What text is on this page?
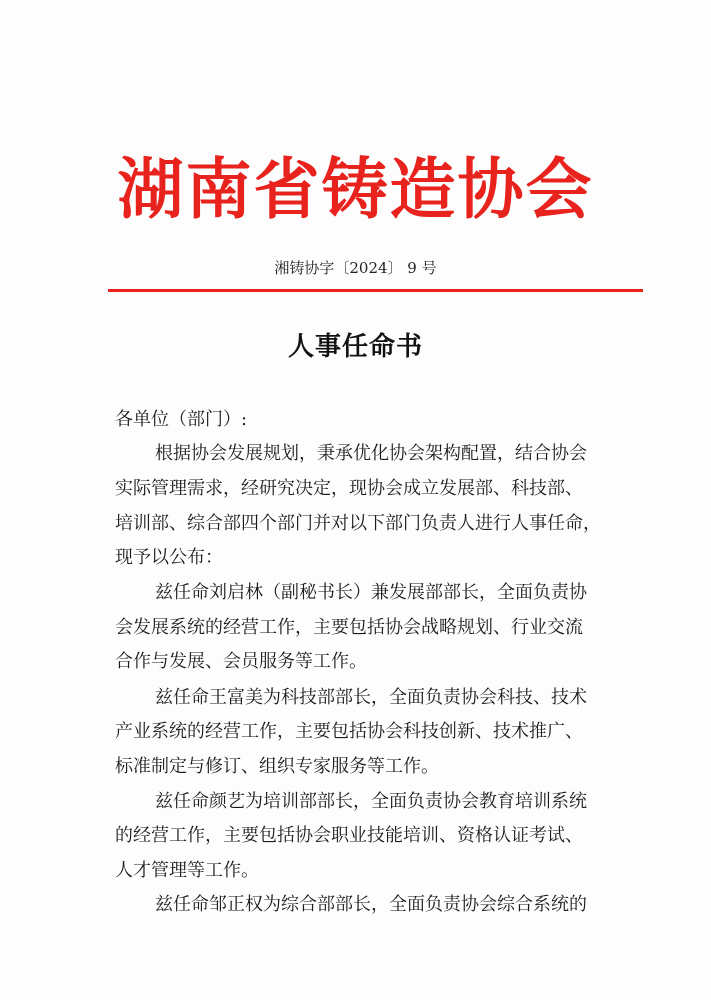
湖南省铸造协会
湘铸协字〔2024〕 9 号
人事任命书
各单位（部门）:
根据协会发展规划，秉承优化协会架构配置，结合协会
实际管理需求，经研究决定，现协会成立发展部、科技部、
培训部、综合部四个部门并对以下部门负责人进行人事任命，
现予以公布：
兹任命刘启林（副秘书长）兼发展部部长，全面负责协
会发展系统的经营工作，主要包括协会战略规划、行业交流
合作与发展、会员服务等工作。
兹任命王富美为科技部部长，全面负责协会科技、技术
产业系统的经营工作，主要包括协会科技创新、技术推广、
标准制定与修订、组织专家服务等工作。
兹任命颜艺为培训部部长，全面负责协会教育培训系统
的经营工作，主要包括协会职业技能培训、资格认证考试、
人才管理等工作。
兹任命邹正权为综合部部长，全面负责协会综合系统的
